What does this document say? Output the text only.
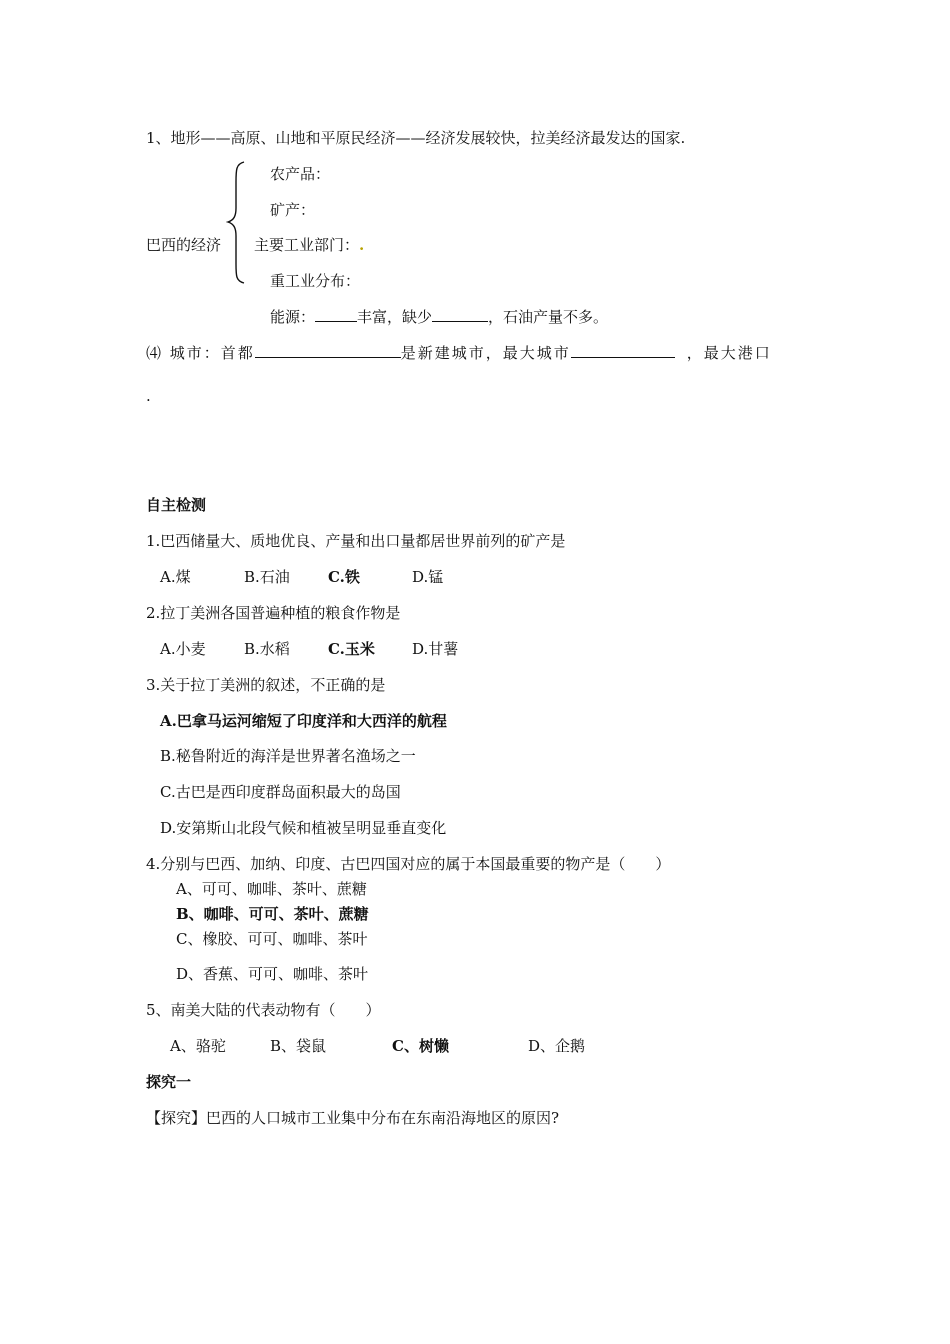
1、地形——高原、山地和平原民经济——经济发展较快，拉美经济最发达的国家.
农产品：
矿产：
巴西的经济 主要工业部门：.
重工业分布：
能源：	丰富，缺少	，石油产量不多。
⑷ 城市：首都	是新建城市，最大城市	，最大港口
.
自主检测
1.巴西储量大、质地优良、产量和出口量都居世界前列的矿产是
A.煤	B.石油	C.铁	D.锰
2.拉丁美洲各国普遍种植的粮食作物是
A.小麦	B.水稻	C.玉米 D.甘薯
3.关于拉丁美洲的叙述，不正确的是
A.巴拿马运河缩短了印度洋和大西洋的航程
B.秘鲁附近的海洋是世界著名渔场之一
C.古巴是西印度群岛面积最大的岛国
D.安第斯山北段气候和植被呈明显垂直变化
4.分别与巴西、加纳、印度、古巴四国对应的属于本国最重要的物产是（　　）
A、可可、咖啡、茶叶、蔗糖
B、咖啡、可可、茶叶、蔗糖
C、橡胶、可可、咖啡、茶叶
D、香蕉、可可、咖啡、茶叶
5、南美大陆的代表动物有（　　）
A、骆驼	B、袋鼠	C、树懒	D、企鹅
探究一
【探究】巴西的人口城市工业集中分布在东南沿海地区的原因?
